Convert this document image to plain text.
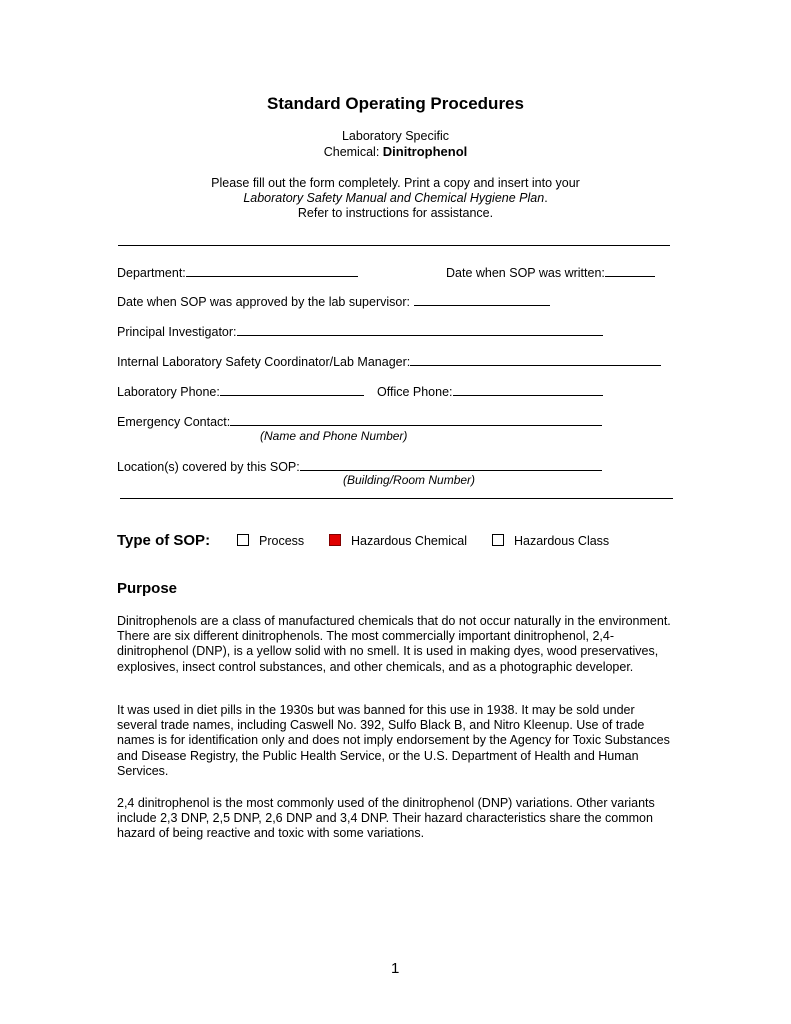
Standard Operating Procedures
Laboratory Specific
Chemical: Dinitrophenol
Please fill out the form completely. Print a copy and insert into your
Laboratory Safety Manual and Chemical Hygiene Plan.
Refer to instructions for assistance.
Department:	Date when SOP was written:
Date when SOP was approved by the lab supervisor:
Principal Investigator:
Internal Laboratory Safety Coordinator/Lab Manager:
Laboratory Phone:	Office Phone:
Emergency Contact:
(Name and Phone Number)
Location(s) covered by this SOP:
(Building/Room Number)
Type of SOP:	Process	Hazardous Chemical	Hazardous Class
Purpose
Dinitrophenols are a class of manufactured chemicals that do not occur naturally in the environment. There are six different dinitrophenols. The most commercially important dinitrophenol, 2,4-dinitrophenol (DNP), is a yellow solid with no smell. It is used in making dyes, wood preservatives, explosives, insect control substances, and other chemicals, and as a photographic developer.
It was used in diet pills in the 1930s but was banned for this use in 1938. It may be sold under several trade names, including Caswell No. 392, Sulfo Black B, and Nitro Kleenup. Use of trade names is for identification only and does not imply endorsement by the Agency for Toxic Substances and Disease Registry, the Public Health Service, or the U.S. Department of Health and Human Services.
2,4 dinitrophenol is the most commonly used of the dinitrophenol (DNP) variations. Other variants include 2,3 DNP, 2,5 DNP, 2,6 DNP and 3,4 DNP. Their hazard characteristics share the common hazard of being reactive and toxic with some variations.
1
